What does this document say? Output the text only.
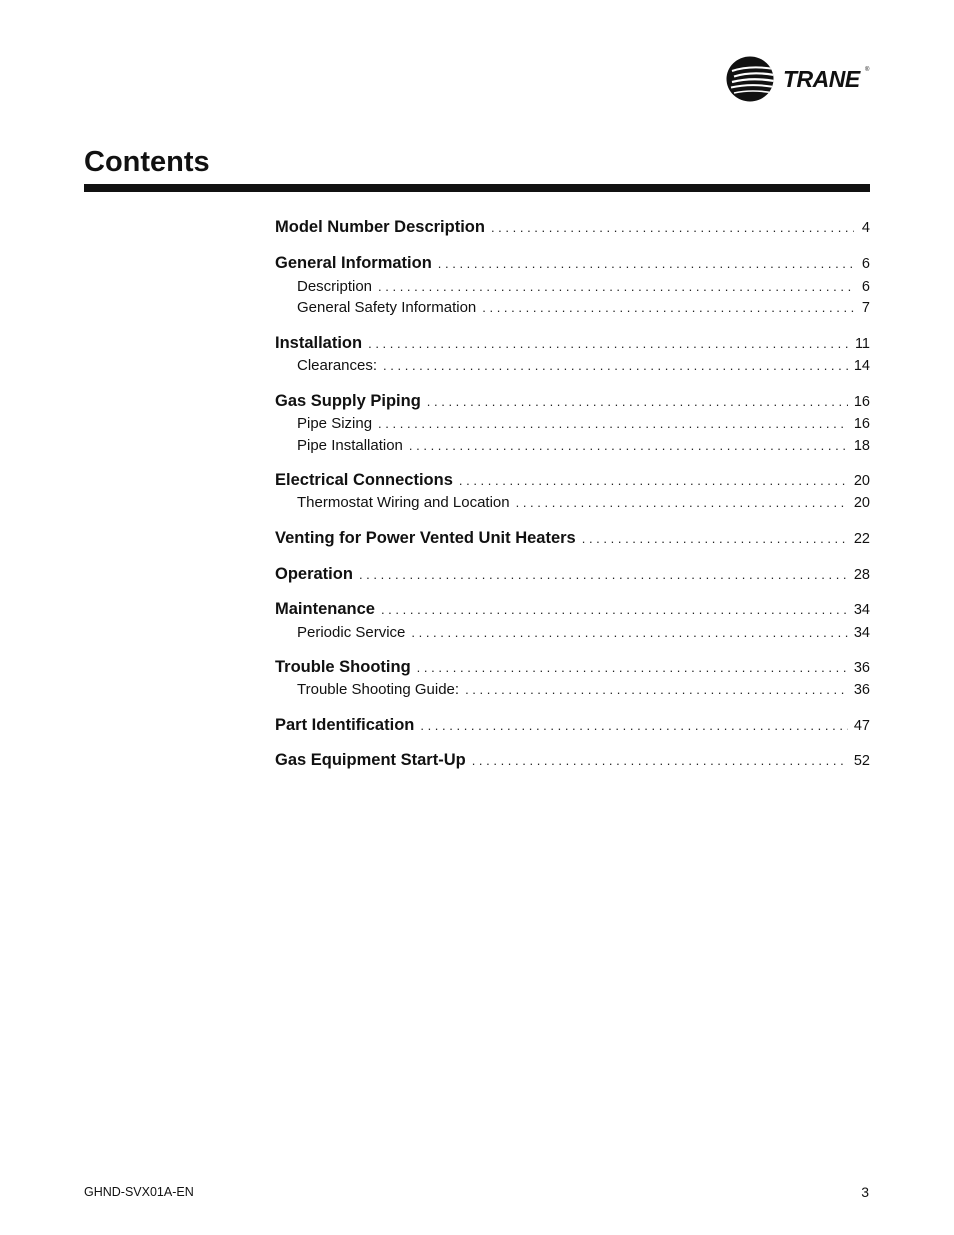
TRANE ®
Contents
Model Number Description . . .	4
General Information . . .	6
Description . . .	6
General Safety Information . . .	7
Installation . . .	11
Clearances: . . .	14
Gas Supply Piping . . .	16
Pipe Sizing . . .	16
Pipe Installation . . .	18
Electrical Connections . . .	20
Thermostat Wiring and Location . . .	20
Venting for Power Vented Unit Heaters . . .	22
Operation . . .	28
Maintenance . . .	34
Periodic Service . . .	34
Trouble Shooting . . .	36
Trouble Shooting Guide: . . .	36
Part Identification . . .	47
Gas Equipment Start-Up . . .	52
GHND-SVX01A-EN	3
